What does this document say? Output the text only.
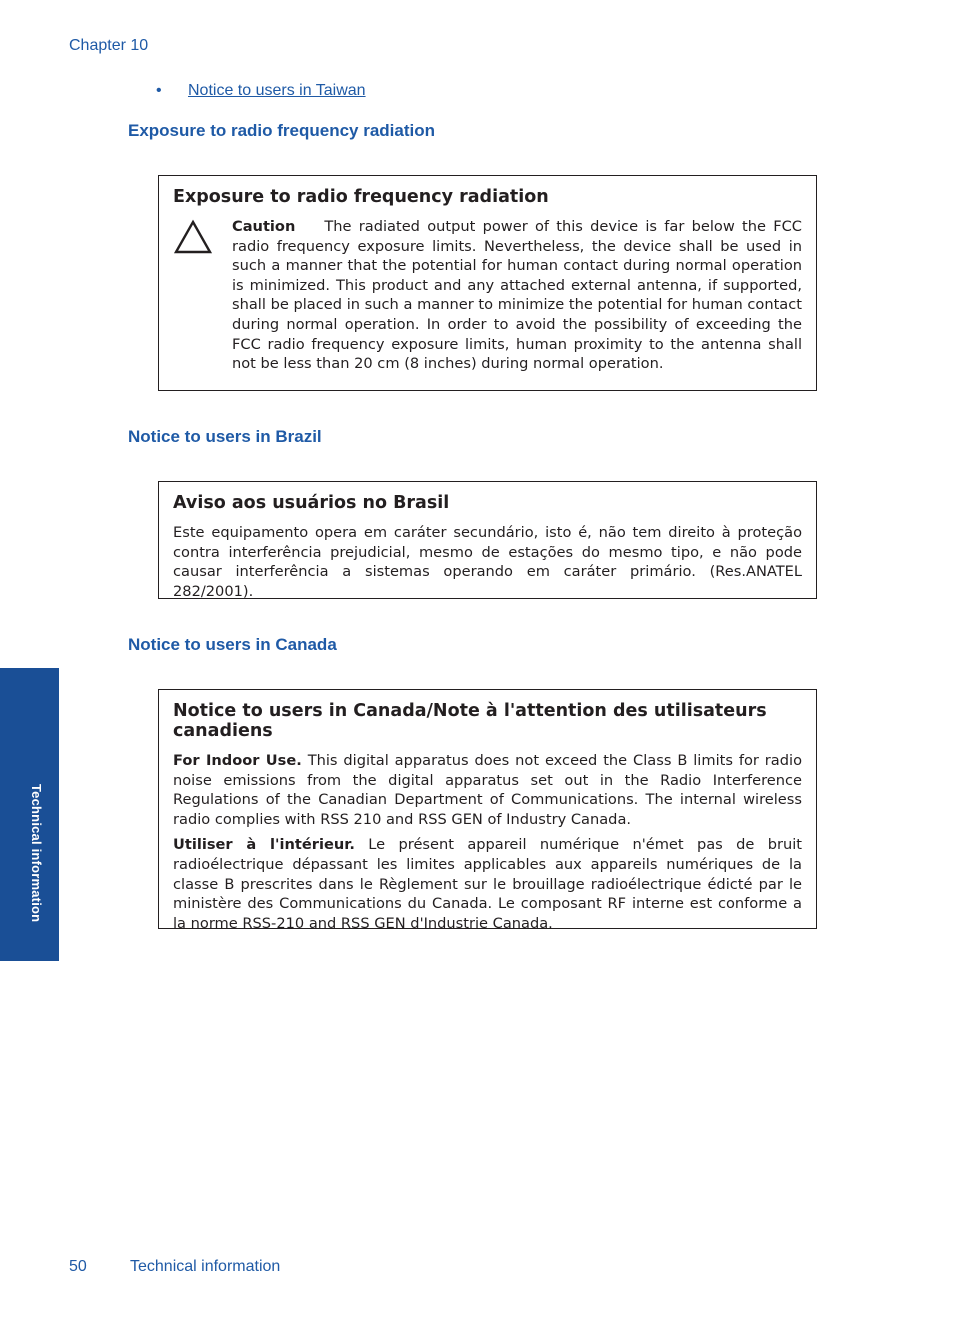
Chapter 10
• Notice to users in Taiwan
Exposure to radio frequency radiation
Exposure to radio frequency radiation

Caution The radiated output power of this device is far below the FCC radio frequency exposure limits. Nevertheless, the device shall be used in such a manner that the potential for human contact during normal operation is minimized. This product and any attached external antenna, if supported, shall be placed in such a manner to minimize the potential for human contact during normal operation. In order to avoid the possibility of exceeding the FCC radio frequency exposure limits, human proximity to the antenna shall not be less than 20 cm (8 inches) during normal operation.

Notice to users in Brazil
Aviso aos usuários no Brasil

Este equipamento opera em caráter secundário, isto é, não tem direito à proteção contra interferência prejudicial, mesmo de estações do mesmo tipo, e não pode causar interferência a sistemas operando em caráter primário. (Res.ANATEL 282/2001).

Notice to users in Canada
Notice to users in Canada/Note à l'attention des utilisateurs canadiens

For Indoor Use. This digital apparatus does not exceed the Class B limits for radio noise emissions from the digital apparatus set out in the Radio Interference Regulations of the Canadian Department of Communications. The internal wireless radio complies with RSS 210 and RSS GEN of Industry Canada.

Utiliser à l'intérieur. Le présent appareil numérique n'émet pas de bruit radioélectrique dépassant les limites applicables aux appareils numériques de la classe B prescrites dans le Règlement sur le brouillage radioélectrique édicté par le ministère des Communications du Canada. Le composant RF interne est conforme a la norme RSS-210 and RSS GEN d'Industrie Canada.

Technical information
50	Technical information
